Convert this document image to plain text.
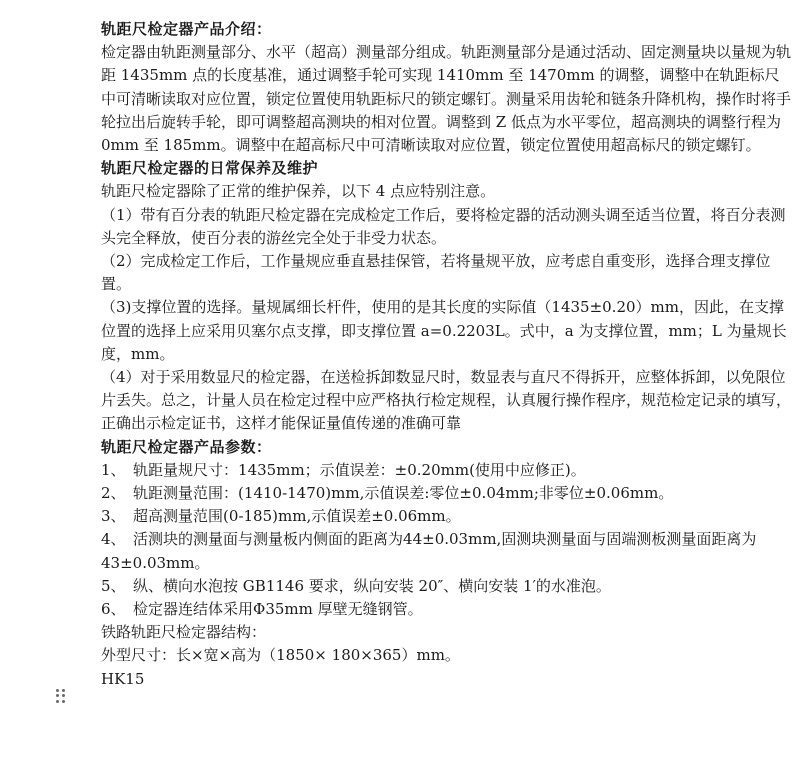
轨距尺检定器产品介绍：

检定器由轨距测量部分、水平（超高）测量部分组成。轨距测量部分是通过活动、固定测量块以量规为轨距 1435mm 点的长度基准，通过调整手轮可实现 1410mm 至 1470mm 的调整，调整中在轨距标尺中可清晰读取对应位置，锁定位置使用轨距标尺的锁定螺钉。测量采用齿轮和链条升降机构，操作时将手轮拉出后旋转手轮，即可调整超高测块的相对位置。调整到 Z 低点为水平零位，超高测块的调整行程为 0mm 至 185mm。调整中在超高标尺中可清晰读取对应位置，锁定位置使用超高标尺的锁定螺钉。

轨距尺检定器的日常保养及维护

轨距尺检定器除了正常的维护保养，以下 4 点应特别注意。

（1）带有百分表的轨距尺检定器在完成检定工作后，要将检定器的活动测头调至适当位置，将百分表测头完全释放，使百分表的游丝完全处于非受力状态。

（2）完成检定工作后，工作量规应垂直悬挂保管，若将量规平放，应考虑自重变形，选择合理支撑位置。

（3)支撑位置的选择。量规属细长杆件，使用的是其长度的实际值（1435±0.20）mm，因此，在支撑位置的选择上应采用贝塞尔点支撑，即支撑位置 a=0.2203L。式中，a 为支撑位置，mm；L 为量规长度，mm。

（4）对于采用数显尺的检定器，在送检拆卸数显尺时，数显表与直尺不得拆开，应整体拆卸，以免限位片丢失。总之，计量人员在检定过程中应严格执行检定规程，认真履行操作程序，规范检定记录的填写，正确出示检定证书，这样才能保证量值传递的准确可靠

轨距尺检定器产品参数：

1、　轨距量规尺寸：1435mm；示值误差：±0.20mm(使用中应修正)。

2、　轨距测量范围：(1410-1470)mm,示值误差:零位±0.04mm;非零位±0.06mm。

3、　超高测量范围(0-185)mm,示值误差±0.06mm。

4、　活测块的测量面与测量板内侧面的距离为44±0.03mm,固测块测量面与固端测板测量面距离为 43±0.03mm。

5、　纵、横向水泡按 GB1146 要求，纵向安装 20″、横向安装 1′的水准泡。

6、　检定器连结体采用Φ35mm 厚壁无缝钢管。

铁路轨距尺检定器结构：

外型尺寸：长×宽×高为（1850× 180×365）mm。

HK15
